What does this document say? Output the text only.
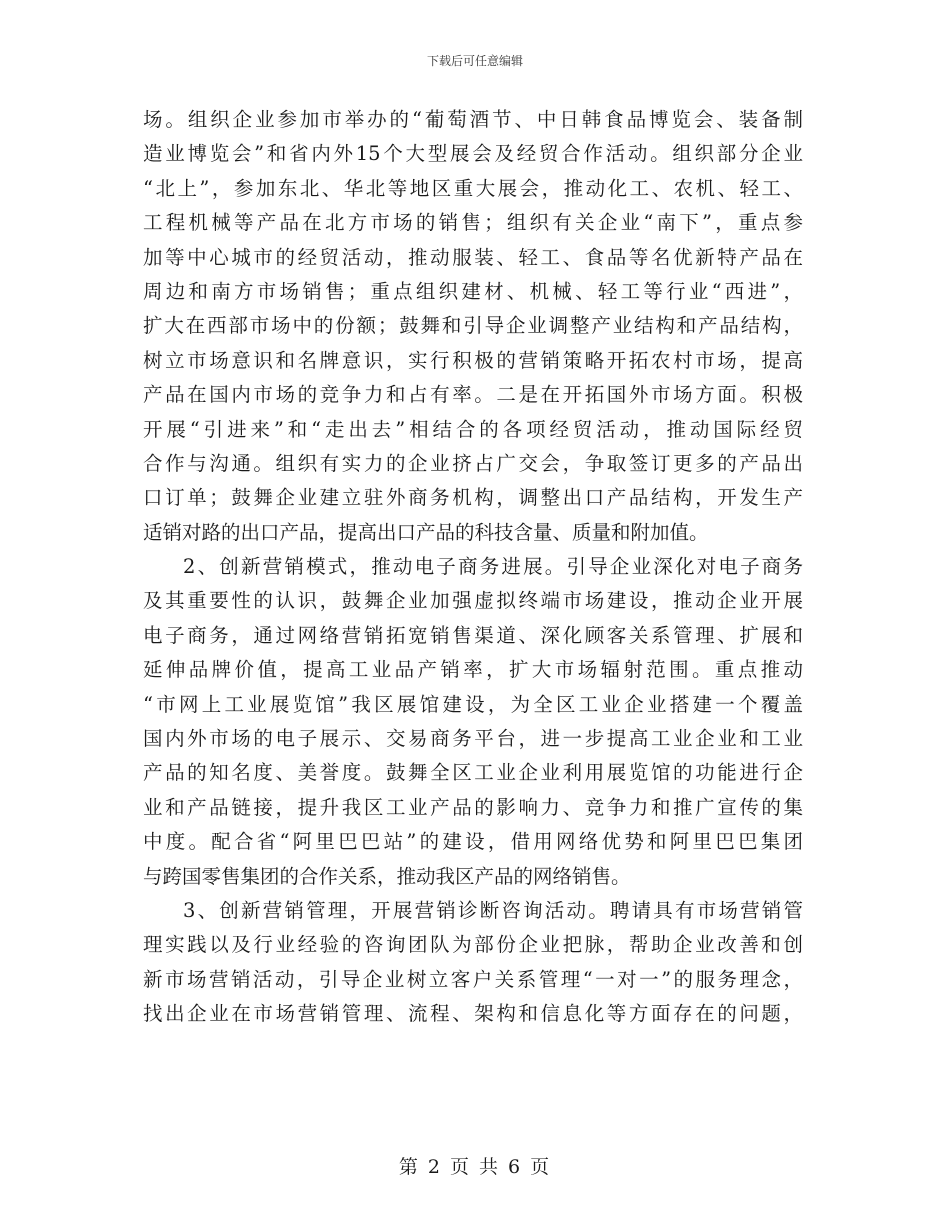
下载后可任意编辑
场。组织企业参加市举办的“葡萄酒节、中日韩食品博览会、装备制
造业博览会”和省内外15个大型展会及经贸合作活动。组织部分企业
“北上”，参加东北、华北等地区重大展会，推动化工、农机、轻工、
工程机械等产品在北方市场的销售；组织有关企业“南下”，重点参
加等中心城市的经贸活动，推动服装、轻工、食品等名优新特产品在
周边和南方市场销售；重点组织建材、机械、轻工等行业“西进”，
扩大在西部市场中的份额；鼓舞和引导企业调整产业结构和产品结构，
树立市场意识和名牌意识，实行积极的营销策略开拓农村市场，提高
产品在国内市场的竞争力和占有率。二是在开拓国外市场方面。积极
开展“引进来”和“走出去”相结合的各项经贸活动，推动国际经贸
合作与沟通。组织有实力的企业挤占广交会，争取签订更多的产品出
口订单；鼓舞企业建立驻外商务机构，调整出口产品结构，开发生产
适销对路的出口产品，提高出口产品的科技含量、质量和附加值。
2、创新营销模式，推动电子商务进展。引导企业深化对电子商务
及其重要性的认识，鼓舞企业加强虚拟终端市场建设，推动企业开展
电子商务，通过网络营销拓宽销售渠道、深化顾客关系管理、扩展和
延伸品牌价值，提高工业品产销率，扩大市场辐射范围。重点推动
“市网上工业展览馆”我区展馆建设，为全区工业企业搭建一个覆盖
国内外市场的电子展示、交易商务平台，进一步提高工业企业和工业
产品的知名度、美誉度。鼓舞全区工业企业利用展览馆的功能进行企
业和产品链接，提升我区工业产品的影响力、竞争力和推广宣传的集
中度。配合省“阿里巴巴站”的建设，借用网络优势和阿里巴巴集团
与跨国零售集团的合作关系，推动我区产品的网络销售。
3、创新营销管理，开展营销诊断咨询活动。聘请具有市场营销管
理实践以及行业经验的咨询团队为部份企业把脉，帮助企业改善和创
新市场营销活动，引导企业树立客户关系管理“一对一”的服务理念，
找出企业在市场营销管理、流程、架构和信息化等方面存在的问题，
第 2 页 共 6 页
